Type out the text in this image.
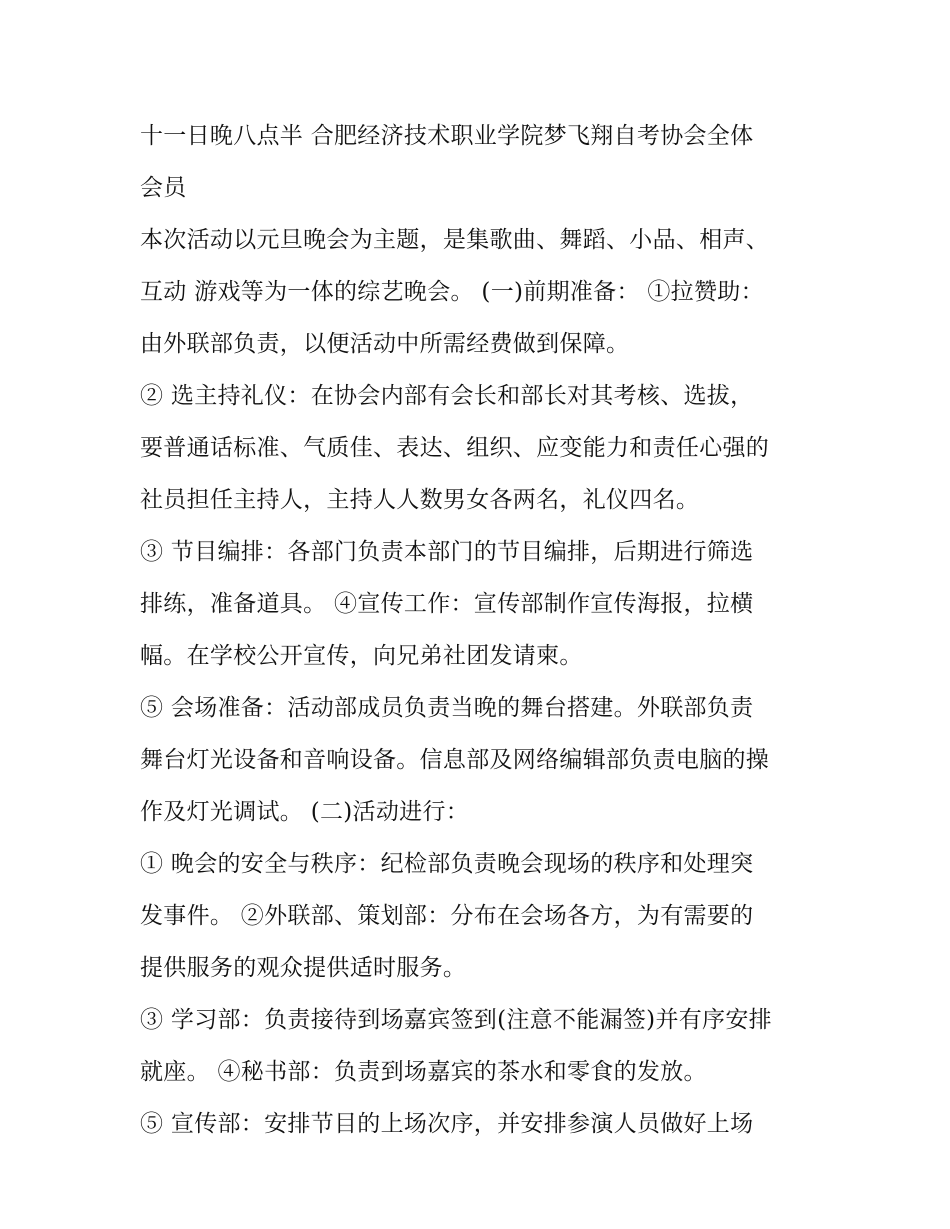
十一日晚八点半 合肥经济技术职业学院梦飞翔自考协会全体
会员
本次活动以元旦晚会为主题，是集歌曲、舞蹈、小品、相声、
互动 游戏等为一体的综艺晚会。 (一)前期准备： ①拉赞助：
由外联部负责，以便活动中所需经费做到保障。
② 选主持礼仪：在协会内部有会长和部长对其考核、选拔，
要普通话标准、气质佳、表达、组织、应变能力和责任心强的
社员担任主持人，主持人人数男女各两名，礼仪四名。
③ 节目编排：各部门负责本部门的节目编排，后期进行筛选
排练，准备道具。 ④宣传工作：宣传部制作宣传海报，拉横
幅。在学校公开宣传，向兄弟社团发请柬。
⑤ 会场准备：活动部成员负责当晚的舞台搭建。外联部负责
舞台灯光设备和音响设备。信息部及网络编辑部负责电脑的操
作及灯光调试。 (二)活动进行：
① 晚会的安全与秩序：纪检部负责晚会现场的秩序和处理突
发事件。 ②外联部、策划部：分布在会场各方，为有需要的
提供服务的观众提供适时服务。
③ 学习部：负责接待到场嘉宾签到(注意不能漏签)并有序安排
就座。 ④秘书部：负责到场嘉宾的茶水和零食的发放。
⑤ 宣传部：安排节目的上场次序，并安排参演人员做好上场
